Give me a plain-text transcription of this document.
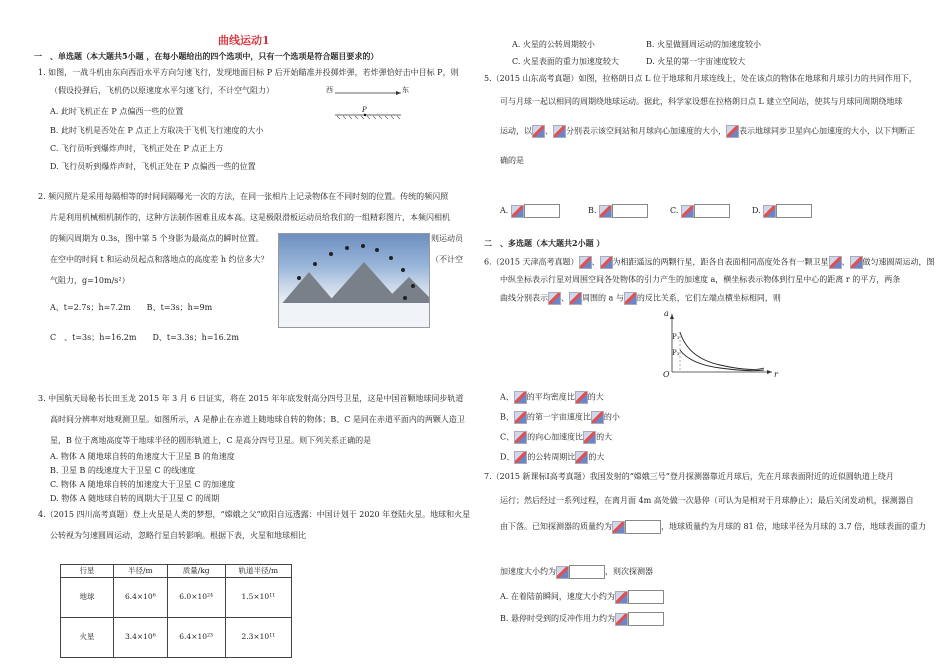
曲线运动1
一　、单选题（本大题共5小题 ，在每小题给出的四个选项中，只有一个选项是符合题目要求的）
1. 如图，一战斗机由东向西沿水平方向匀速飞行，发现地面目标 P 后开始瞄准并投掷炸弹，若炸弹恰好击中目标 P，则
（假设投弹后，飞机仍以原速度水平匀速飞行，不计空气阻力）
A. 此时飞机正在 P 点偏西一些的位置
B. 此时飞机是否处在 P 点正上方取决于飞机飞行速度的大小
C. 飞行员听到爆炸声时，飞机正处在 P 点正上方
D. 飞行员听到爆炸声时，飞机正处在 P 点偏西一些的位置
西	东
P
2. 频闪照片是采用每隔相等的时间间隔曝光一次的方法，在同一张相片上记录物体在不同时刻的位置。传统的频闪照
片是利用机械相机制作的，这种方法制作困难且成本高。这是极限滑板运动员给我们的一组精彩图片，本频闪相机
的频闪周期为 0.3s，图中第 5 个身影为最高点的瞬时位置。	则运动员
在空中的时间 t 和运动员起点和落地点的高度差 h 约位多大？	（不计空
气阻力，g=10m/s²）
A、t=2.7s；h=7.2m　　B、t=3s；h=9m
C　、t=3s；h=16.2m　　D、t=3.3s；h=16.2m
3. 中国航天局秘书长田玉龙 2015 年 3 月 6 日证实，将在 2015 年年底发射高分四号卫星，这是中国首颗地球同步轨道
高时间分辨率对地观测卫星。如图所示，A 是静止在赤道上随地球自转的物体；B、C 是同在赤道平面内的两颗人造卫
星，B 位于离地高度等于地球半径的圆形轨道上，C 是高分四号卫星。则下列关系正确的是
A. 物体 A 随地球自转的角速度大于卫星 B 的角速度
B. 卫星 B 的线速度大于卫星 C 的线速度
C. 物体 A 随地球自转的加速度大于卫星 C 的加速度
D. 物体 A 随地球自转的周期大于卫星 C 的周期
4.（2015 四川高考真题）登上火星是人类的梦想，“嫦娥之父”欧阳自远透露：中国计划于 2020 年登陆火星。地球和火星
公转视为匀速圆周运动，忽略行星自转影响。根据下表，火星和地球相比
行星	半径/m	质量/kg	轨道半径/m
地球	6.4×10⁶	6.0×10²⁴	1.5×10¹¹
火星	3.4×10⁶	6.4×10²³	2.3×10¹¹
A. 火星的公转周期较小	B. 火星做圆周运动的加速度较小
C. 火星表面的重力加速度较大	D. 火星的第一宇宙速度较大
5.（2015 山东高考真题）如图，拉格朗日点 L 位于地球和月球连线上，处在该点的物体在地球和月球引力的共同作用下，
可与月球一起以相同的周期绕地球运动。据此，科学家设想在拉格朗日点 L 建立空间站，使其与月球同周期绕地球
运动，以 、 分别表示该空间站和月球向心加速度的大小， 表示地球同步卫星向心加速度的大小，以下判断正
确的是
A.	B.	C.	D.
二　、多选题（本大题共2小题 ）
6.（2015 天津高考真题） 、 为相距遥远的两颗行星，距各自表面相同高度处各有一颗卫星 、 做匀速圆周运动，图
中纵坐标表示行星对周围空间各处物体的引力产生的加速度 a，横坐标表示物体到行星中心的距离 r 的平方，两条
曲线分别表示 、 周围的 a 与 的反比关系，它们左端点横坐标相同，则
a
P₁
P₂
O	r
A、 的平均密度比 的大
B、 的第一宇宙速度比 的小
C、 的向心加速度比 的大
D、 的公转周期比 的大
7.（2015 新课标Ⅰ高考真题）我国发射的“嫦娥三号”登月探测器靠近月球后，先在月球表面附近的近似圆轨道上绕月
运行；然后经过一系列过程，在离月面 4m 高处做一次悬停（可认为是相对于月球静止）；最后关闭发动机，探测器自
由下落。已知探测器的质量约为	，地球质量约为月球的 81 倍，地球半径为月球的 3.7 倍，地球表面的重力
加速度大小约为	，则次探测器
A. 在着陆前瞬间，速度大小约为
B. 悬停时受到的反冲作用力约为
